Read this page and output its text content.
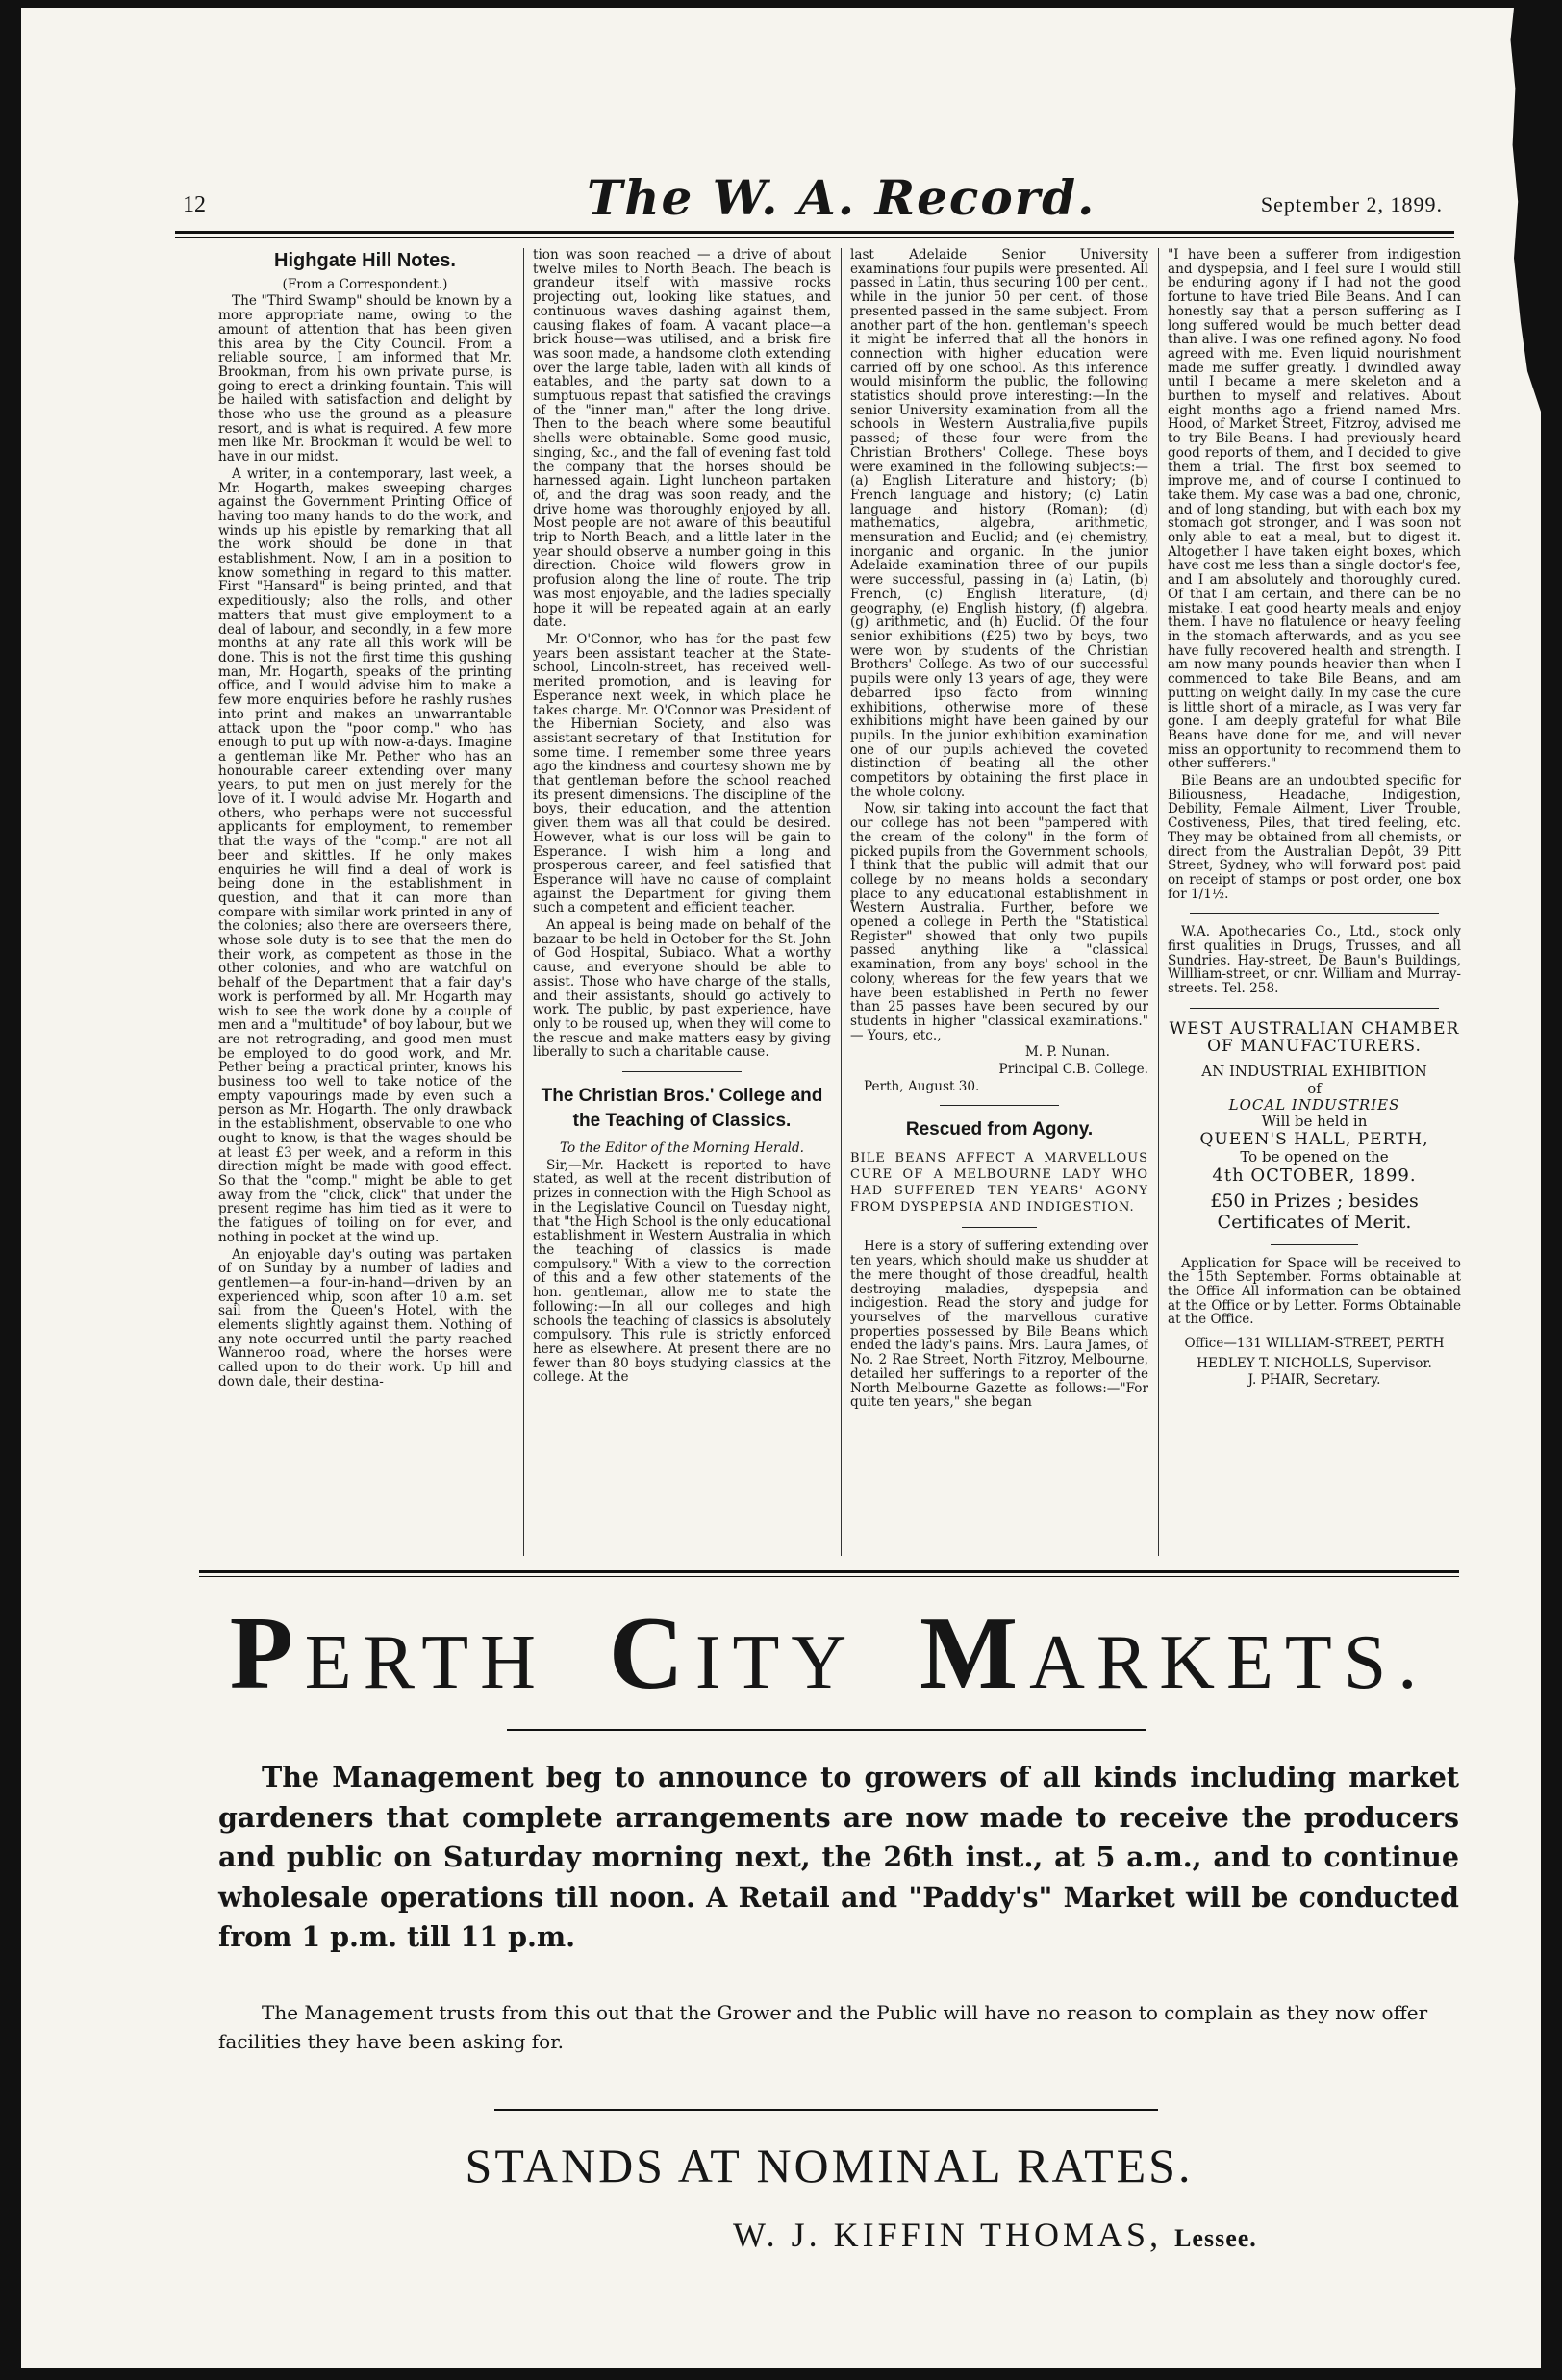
12	The W. A. Record.	September 2, 1899.
Highgate Hill Notes.

(From a Correspondent.)

The "Third Swamp" should be known by a more appropriate name, owing to the amount of attention that has been given this area by the City Council. From a reliable source, I am informed that Mr. Brookman, from his own private purse, is going to erect a drinking fountain. This will be hailed with satisfaction and delight by those who use the ground as a pleasure resort, and is what is required. A few more men like Mr. Brookman it would be well to have in our midst.

A writer, in a contemporary, last week, a Mr. Hogarth, makes sweeping charges against the Government Printing Office of having too many hands to do the work, and winds up his epistle by remarking that all the work should be done in that establishment. Now, I am in a position to know something in regard to this matter. First "Hansard" is being printed, and that expeditiously; also the rolls, and other matters that must give employment to a deal of labour, and secondly, in a few more months at any rate all this work will be done. This is not the first time this gushing man, Mr. Hogarth, speaks of the printing office, and I would advise him to make a few more enquiries before he rashly rushes into print and makes an unwarrantable attack upon the "poor comp." who has enough to put up with now-a-days. Imagine a gentleman like Mr. Pether who has an honourable career extending over many years, to put men on just merely for the love of it. I would advise Mr. Hogarth and others, who perhaps were not successful applicants for employment, to remember that the ways of the "comp." are not all beer and skittles. If he only makes enquiries he will find a deal of work is being done in the establishment in question, and that it can more than compare with similar work printed in any of the colonies; also there are overseers there, whose sole duty is to see that the men do their work, as competent as those in the other colonies, and who are watchful on behalf of the Department that a fair day's work is performed by all. Mr. Hogarth may wish to see the work done by a couple of men and a "multitude" of boy labour, but we are not retrograding, and good men must be employed to do good work, and Mr. Pether being a practical printer, knows his business too well to take notice of the empty vapourings made by even such a person as Mr. Hogarth. The only drawback in the establishment, observable to one who ought to know, is that the wages should be at least £3 per week, and a reform in this direction might be made with good effect. So that the "comp." might be able to get away from the "click, click" that under the present regime has him tied as it were to the fatigues of toiling on for ever, and nothing in pocket at the wind up.

An enjoyable day's outing was partaken of on Sunday by a number of ladies and gentlemen—a four-in-hand—driven by an experienced whip, soon after 10 a.m. set sail from the Queen's Hotel, with the elements slightly against them. Nothing of any note occurred until the party reached Wanneroo road, where the horses were called upon to do their work. Up hill and down dale, their destina-

tion was soon reached — a drive of about twelve miles to North Beach. The beach is grandeur itself with massive rocks projecting out, looking like statues, and continuous waves dashing against them, causing flakes of foam. A vacant place—a brick house—was utilised, and a brisk fire was soon made, a handsome cloth extending over the large table, laden with all kinds of eatables, and the party sat down to a sumptuous repast that satisfied the cravings of the "inner man," after the long drive. Then to the beach where some beautiful shells were obtainable. Some good music, singing, &c., and the fall of evening fast told the company that the horses should be harnessed again. Light luncheon partaken of, and the drag was soon ready, and the drive home was thoroughly enjoyed by all. Most people are not aware of this beautiful trip to North Beach, and a little later in the year should observe a number going in this direction. Choice wild flowers grow in profusion along the line of route. The trip was most enjoyable, and the ladies specially hope it will be repeated again at an early date.

Mr. O'Connor, who has for the past few years been assistant teacher at the State-school, Lincoln-street, has received well-merited promotion, and is leaving for Esperance next week, in which place he takes charge. Mr. O'Connor was President of the Hibernian Society, and also was assistant-secretary of that Institution for some time. I remember some three years ago the kindness and courtesy shown me by that gentleman before the school reached its present dimensions. The discipline of the boys, their education, and the attention given them was all that could be desired. However, what is our loss will be gain to Esperance. I wish him a long and prosperous career, and feel satisfied that Esperance will have no cause of complaint against the Department for giving them such a competent and efficient teacher.

An appeal is being made on behalf of the bazaar to be held in October for the St. John of God Hospital, Subiaco. What a worthy cause, and everyone should be able to assist. Those who have charge of the stalls, and their assistants, should go actively to work. The public, by past experience, have only to be roused up, when they will come to the rescue and make matters easy by giving liberally to such a charitable cause.

The Christian Bros.' College and the Teaching of Classics.

To the Editor of the Morning Herald.

Sir,—Mr. Hackett is reported to have stated, as well at the recent distribution of prizes in connection with the High School as in the Legislative Council on Tuesday night, that "the High School is the only educational establishment in Western Australia in which the teaching of classics is made compulsory." With a view to the correction of this and a few other statements of the hon. gentleman, allow me to state the following:—In all our colleges and high schools the teaching of classics is absolutely compulsory. This rule is strictly enforced here as elsewhere. At present there are no fewer than 80 boys studying classics at the college. At the

last Adelaide Senior University examinations four pupils were presented. All passed in Latin, thus securing 100 per cent., while in the junior 50 per cent. of those presented passed in the same subject. From another part of the hon. gentleman's speech it might be inferred that all the honors in connection with higher education were carried off by one school. As this inference would misinform the public, the following statistics should prove interesting:—In the senior University examination from all the schools in Western Australia,five pupils passed; of these four were from the Christian Brothers' College. These boys were examined in the following subjects:—(a) English Literature and history; (b) French language and history; (c) Latin language and history (Roman); (d) mathematics, algebra, arithmetic, mensuration and Euclid; and (e) chemistry, inorganic and organic. In the junior Adelaide examination three of our pupils were successful, passing in (a) Latin, (b) French, (c) English literature, (d) geography, (e) English history, (f) algebra, (g) arithmetic, and (h) Euclid. Of the four senior exhibitions (£25) two by boys, two were won by students of the Christian Brothers' College. As two of our successful pupils were only 13 years of age, they were debarred ipso facto from winning exhibitions, otherwise more of these exhibitions might have been gained by our pupils. In the junior exhibition examination one of our pupils achieved the coveted distinction of beating all the other competitors by obtaining the first place in the whole colony.

Now, sir, taking into account the fact that our college has not been "pampered with the cream of the colony" in the form of picked pupils from the Government schools, I think that the public will admit that our college by no means holds a secondary place to any educational establishment in Western Australia. Further, before we opened a college in Perth the "Statistical Register" showed that only two pupils passed anything like a "classical examination, from any boys' school in the colony, whereas for the few years that we have been established in Perth no fewer than 25 passes have been secured by our students in higher "classical examinations." — Yours, etc.,

M. P. Nunan.

Principal C.B. College.

Perth, August 30.

Rescued from Agony.

BILE BEANS AFFECT A MARVELLOUS CURE OF A MELBOURNE LADY WHO HAD SUFFERED TEN YEARS' AGONY FROM DYSPEPSIA AND INDIGESTION.

Here is a story of suffering extending over ten years, which should make us shudder at the mere thought of those dreadful, health destroying maladies, dyspepsia and indigestion. Read the story and judge for yourselves of the marvellous curative properties possessed by Bile Beans which ended the lady's pains. Mrs. Laura James, of No. 2 Rae Street, North Fitzroy, Melbourne, detailed her sufferings to a reporter of the North Melbourne Gazette as follows:—"For quite ten years," she began

"I have been a sufferer from indigestion and dyspepsia, and I feel sure I would still be enduring agony if I had not the good fortune to have tried Bile Beans. And I can honestly say that a person suffering as I long suffered would be much better dead than alive. I was one refined agony. No food agreed with me. Even liquid nourishment made me suffer greatly. I dwindled away until I became a mere skeleton and a burthen to myself and relatives. About eight months ago a friend named Mrs. Hood, of Market Street, Fitzroy, advised me to try Bile Beans. I had previously heard good reports of them, and I decided to give them a trial. The first box seemed to improve me, and of course I continued to take them. My case was a bad one, chronic, and of long standing, but with each box my stomach got stronger, and I was soon not only able to eat a meal, but to digest it. Altogether I have taken eight boxes, which have cost me less than a single doctor's fee, and I am absolutely and thoroughly cured. Of that I am certain, and there can be no mistake. I eat good hearty meals and enjoy them. I have no flatulence or heavy feeling in the stomach afterwards, and as you see have fully recovered health and strength. I am now many pounds heavier than when I commenced to take Bile Beans, and am putting on weight daily. In my case the cure is little short of a miracle, as I was very far gone. I am deeply grateful for what Bile Beans have done for me, and will never miss an opportunity to recommend them to other sufferers."

Bile Beans are an undoubted specific for Biliousness, Headache, Indigestion, Debility, Female Ailment, Liver Trouble, Costiveness, Piles, that tired feeling, etc. They may be obtained from all chemists, or direct from the Australian Depôt, 39 Pitt Street, Sydney, who will forward post paid on receipt of stamps or post order, one box for 1/1½.

W.A. Apothecaries Co., Ltd., stock only first qualities in Drugs, Trusses, and all Sundries. Hay-street, De Baun's Buildings, Willliam-street, or cnr. William and Murray-streets. Tel. 258.

WEST AUSTRALIAN CHAMBER OF MANUFACTURERS.
AN INDUSTRIAL EXHIBITION
of
LOCAL INDUSTRIES
Will be held in
QUEEN'S HALL, PERTH,
To be opened on the
4th OCTOBER, 1899.
£50 in Prizes ; besides Certificates of Merit.

Application for Space will be received to the 15th September. Forms obtainable at the Office All information can be obtained at the Office or by Letter. Forms Obtainable at the Office.

Office—131 WILLIAM-STREET, PERTH

HEDLEY T. NICHOLLS, Supervisor.

J. PHAIR, Secretary.

PERTH CITY MARKETS.
The Management beg to announce to growers of all kinds including market gardeners that complete arrangements are now made to receive the producers and public on Saturday morning next, the 26th inst., at 5 a.m., and to continue wholesale operations till noon. A Retail and "Paddy's" Market will be conducted from 1 p.m. till 11 p.m.
The Management trusts from this out that the Grower and the Public will have no reason to complain as they now offer facilities they have been asking for.
STANDS AT NOMINAL RATES.
W. J. KIFFIN THOMAS, Lessee.
